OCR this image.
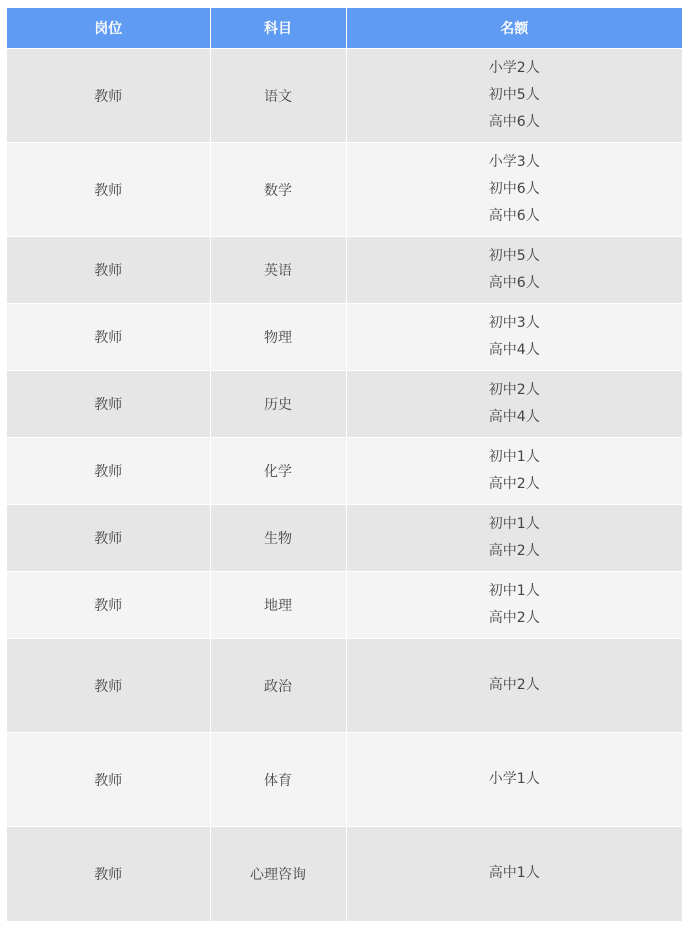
岗位	科目	名额
教师	语文	小学2人
初中5人
高中6人

教师	数学	小学3人
初中6人
高中6人

教师	英语	初中5人
高中6人

教师	物理	初中3人
高中4人

教师	历史	初中2人
高中4人

教师	化学	初中1人
高中2人

教师	生物	初中1人
高中2人

教师	地理	初中1人
高中2人

教师	政治	高中2人

教师	体育	小学1人

教师	心理咨询	高中1人
